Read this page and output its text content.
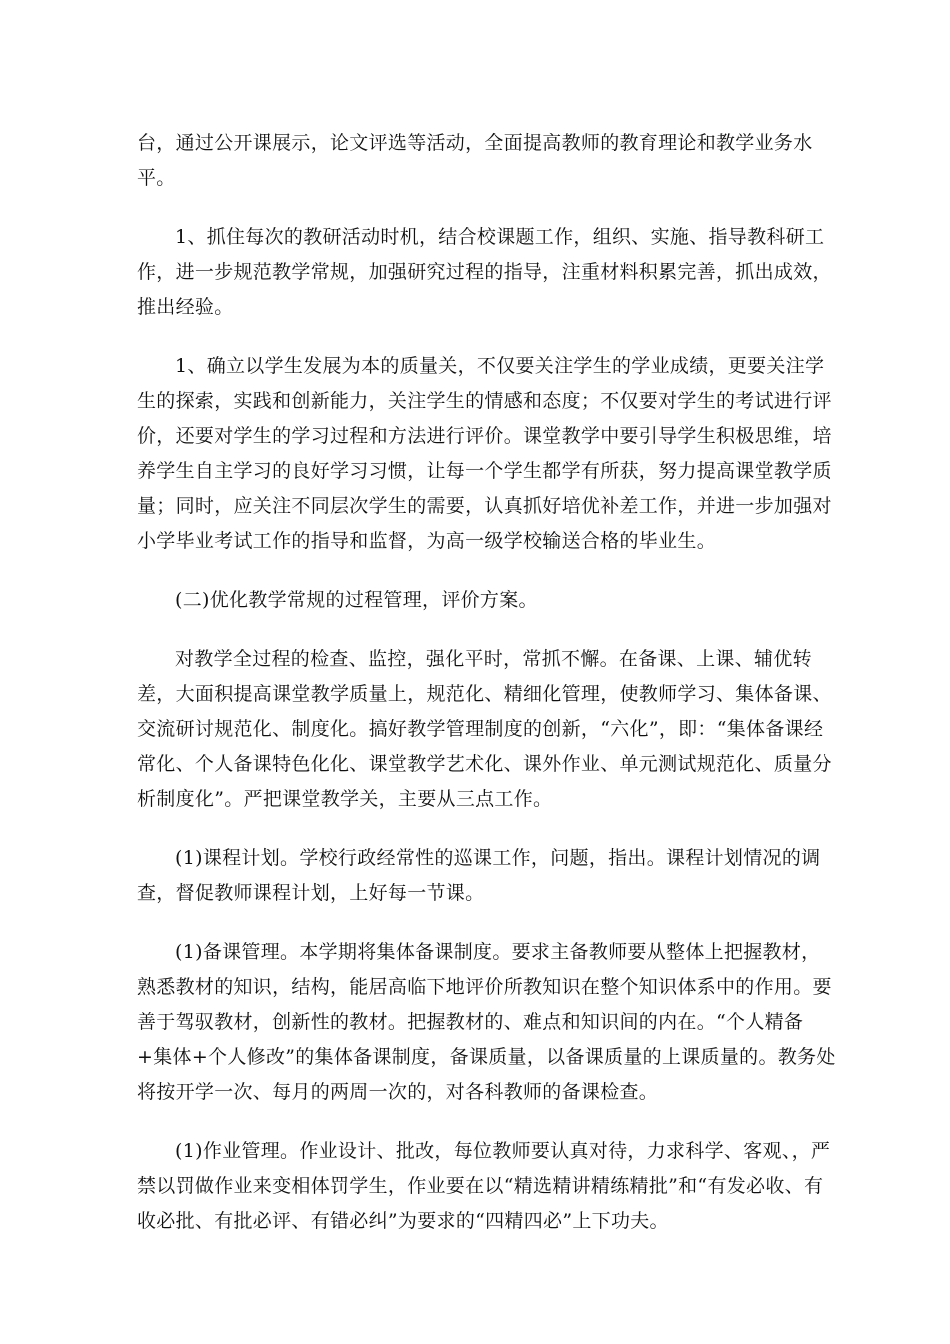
台，通过公开课展示，论文评选等活动，全面提高教师的教育理论和教学业务水平。

1、抓住每次的教研活动时机，结合校课题工作，组织、实施、指导教科研工作，进一步规范教学常规，加强研究过程的指导，注重材料积累完善，抓出成效，推出经验。

1、确立以学生发展为本的质量关，不仅要关注学生的学业成绩，更要关注学生的探索，实践和创新能力，关注学生的情感和态度；不仅要对学生的考试进行评价，还要对学生的学习过程和方法进行评价。课堂教学中要引导学生积极思维，培养学生自主学习的良好学习习惯，让每一个学生都学有所获，努力提高课堂教学质量；同时，应关注不同层次学生的需要，认真抓好培优补差工作，并进一步加强对小学毕业考试工作的指导和监督，为高一级学校输送合格的毕业生。

(二)优化教学常规的过程管理，评价方案。

对教学全过程的检查、监控，强化平时，常抓不懈。在备课、上课、辅优转差，大面积提高课堂教学质量上，规范化、精细化管理，使教师学习、集体备课、交流研讨规范化、制度化。搞好教学管理制度的创新，“六化”，即：“集体备课经常化、个人备课特色化化、课堂教学艺术化、课外作业、单元测试规范化、质量分析制度化”。严把课堂教学关，主要从三点工作。

(1)课程计划。学校行政经常性的巡课工作，问题，指出。课程计划情况的调查，督促教师课程计划，上好每一节课。

(1)备课管理。本学期将集体备课制度。要求主备教师要从整体上把握教材，熟悉教材的知识，结构，能居高临下地评价所教知识在整个知识体系中的作用。要善于驾驭教材，创新性的教材。把握教材的、难点和知识间的内在。“个人精备+集体+个人修改”的集体备课制度，备课质量，以备课质量的上课质量的。教务处将按开学一次、每月的两周一次的，对各科教师的备课检查。

(1)作业管理。作业设计、批改，每位教师要认真对待，力求科学、客观、，严禁以罚做作业来变相体罚学生，作业要在以“精选精讲精练精批”和“有发必收、有收必批、有批必评、有错必纠”为要求的“四精四必”上下功夫。
